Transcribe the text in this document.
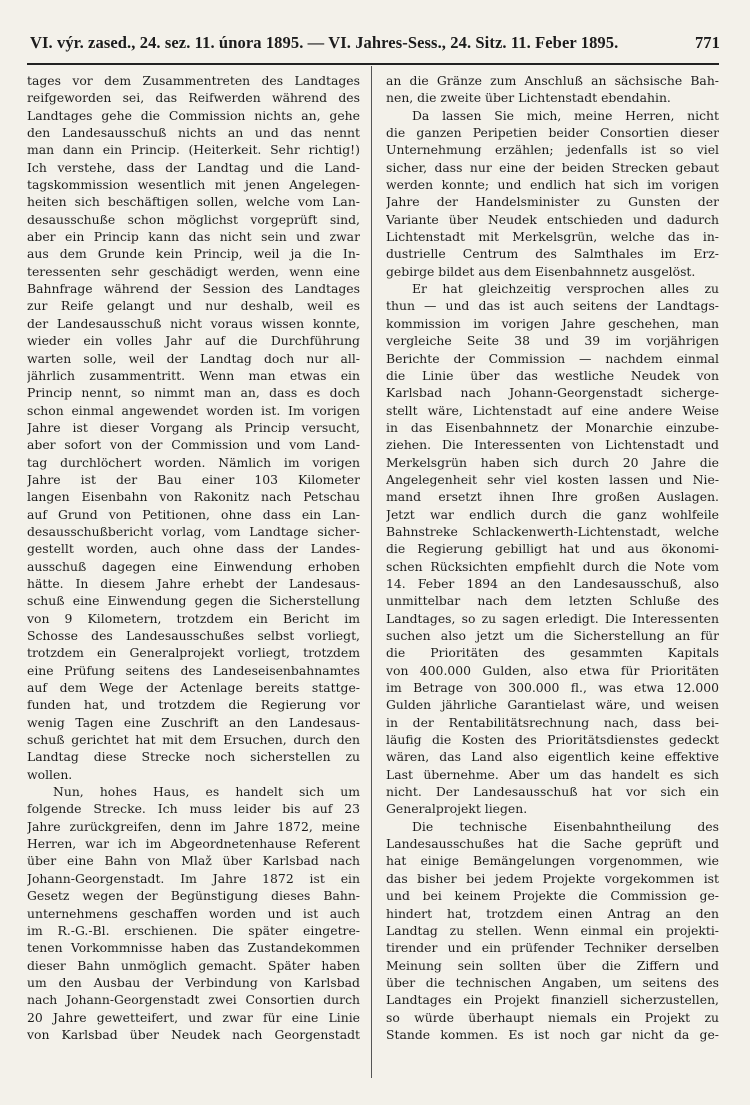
VI. výr. zased., 24. sez. 11. února 1895. — VI. Jahres-Sess., 24. Sitz. 11. Feber 1895.	771
tages vor dem Zusammentreten des Landtages
reifgeworden sei, das Reifwerden während des
Landtages gehe die Commission nichts an, gehe
den Landesausschuß nichts an und das nennt
man dann ein Princip. (Heiterkeit. Sehr richtig!)
Ich verstehe, dass der Landtag und die Land-
tagskommission wesentlich mit jenen Angelegen-
heiten sich beschäftigen sollen, welche vom Lan-
desausschuße schon möglichst vorgeprüft sind,
aber ein Princip kann das nicht sein und zwar
aus dem Grunde kein Princip, weil ja die In-
teressenten sehr geschädigt werden, wenn eine
Bahnfrage während der Session des Landtages
zur Reife gelangt und nur deshalb, weil es
der Landesausschuß nicht voraus wissen konnte,
wieder ein volles Jahr auf die Durchführung
warten solle, weil der Landtag doch nur all-
jährlich zusammentritt. Wenn man etwas ein
Princip nennt, so nimmt man an, dass es doch
schon einmal angewendet worden ist. Im vorigen
Jahre ist dieser Vorgang als Princip versucht,
aber sofort von der Commission und vom Land-
tag durchlöchert worden. Nämlich im vorigen
Jahre ist der Bau einer 103 Kilometer
langen Eisenbahn von Rakonitz nach Petschau
auf Grund von Petitionen, ohne dass ein Lan-
desausschußbericht vorlag, vom Landtage sicher-
gestellt worden, auch ohne dass der Landes-
ausschuß dagegen eine Einwendung erhoben
hätte. In diesem Jahre erhebt der Landesaus-
schuß eine Einwendung gegen die Sicherstellung
von 9 Kilometern, trotzdem ein Bericht im
Schosse des Landesausschußes selbst vorliegt,
trotzdem ein Generalprojekt vorliegt, trotzdem
eine Prüfung seitens des Landeseisenbahnamtes
auf dem Wege der Actenlage bereits stattge-
funden hat, und trotzdem die Regierung vor
wenig Tagen eine Zuschrift an den Landesaus-
schuß gerichtet hat mit dem Ersuchen, durch den
Landtag diese Strecke noch sicherstellen zu
wollen.
Nun, hohes Haus, es handelt sich um
folgende Strecke. Ich muss leider bis auf 23
Jahre zurückgreifen, denn im Jahre 1872, meine
Herren, war ich im Abgeordnetenhause Referent
über eine Bahn von Mlaž über Karlsbad nach
Johann-Georgenstadt. Im Jahre 1872 ist ein
Gesetz wegen der Begünstigung dieses Bahn-
unternehmens geschaffen worden und ist auch
im R.-G.-Bl. erschienen. Die später eingetre-
tenen Vorkommnisse haben das Zustandekommen
dieser Bahn unmöglich gemacht. Später haben
um den Ausbau der Verbindung von Karlsbad
nach Johann-Georgenstadt zwei Consortien durch
20 Jahre gewetteifert, und zwar für eine Linie
von Karlsbad über Neudek nach Georgenstadt
an die Gränze zum Anschluß an sächsische Bah-
nen, die zweite über Lichtenstadt ebendahin.
Da lassen Sie mich, meine Herren, nicht
die ganzen Peripetien beider Consortien dieser
Unternehmung erzählen; jedenfalls ist so viel
sicher, dass nur eine der beiden Strecken gebaut
werden konnte; und endlich hat sich im vorigen
Jahre der Handelsminister zu Gunsten der
Variante über Neudek entschieden und dadurch
Lichtenstadt mit Merkelsgrün, welche das in-
dustrielle Centrum des Salmthales im Erz-
gebirge bildet aus dem Eisenbahnnetz ausgelöst.
Er hat gleichzeitig versprochen alles zu
thun — und das ist auch seitens der Landtags-
kommission im vorigen Jahre geschehen, man
vergleiche Seite 38 und 39 im vorjährigen
Berichte der Commission — nachdem einmal
die Linie über das westliche Neudek von
Karlsbad nach Johann-Georgenstadt sicherge-
stellt wäre, Lichtenstadt auf eine andere Weise
in das Eisenbahnnetz der Monarchie einzube-
ziehen. Die Interessenten von Lichtenstadt und
Merkelsgrün haben sich durch 20 Jahre die
Angelegenheit sehr viel kosten lassen und Nie-
mand ersetzt ihnen Ihre großen Auslagen.
Jetzt war endlich durch die ganz wohlfeile
Bahnstreke Schlackenwerth-Lichtenstadt, welche
die Regierung gebilligt hat und aus ökonomi-
schen Rücksichten empfiehlt durch die Note vom
14. Feber 1894 an den Landesausschuß, also
unmittelbar nach dem letzten Schluße des
Landtages, so zu sagen erledigt. Die Interessenten
suchen also jetzt um die Sicherstellung an für
die Prioritäten des gesammten Kapitals
von 400.000 Gulden, also etwa für Prioritäten
im Betrage von 300.000 fl., was etwa 12.000
Gulden jährliche Garantielast wäre, und weisen
in der Rentabilitätsrechnung nach, dass bei-
läufig die Kosten des Prioritätsdienstes gedeckt
wären, das Land also eigentlich keine effektive
Last übernehme. Aber um das handelt es sich
nicht. Der Landesausschuß hat vor sich ein
Generalprojekt liegen.
Die technische Eisenbahntheilung des
Landesausschußes hat die Sache geprüft und
hat einige Bemängelungen vorgenommen, wie
das bisher bei jedem Projekte vorgekommen ist
und bei keinem Projekte die Commission ge-
hindert hat, trotzdem einen Antrag an den
Landtag zu stellen. Wenn einmal ein projekti-
tirender und ein prüfender Techniker derselben
Meinung sein sollten über die Ziffern und
über die technischen Angaben, um seitens des
Landtages ein Projekt finanziell sicherzustellen,
so würde überhaupt niemals ein Projekt zu
Stande kommen. Es ist noch gar nicht da ge-
